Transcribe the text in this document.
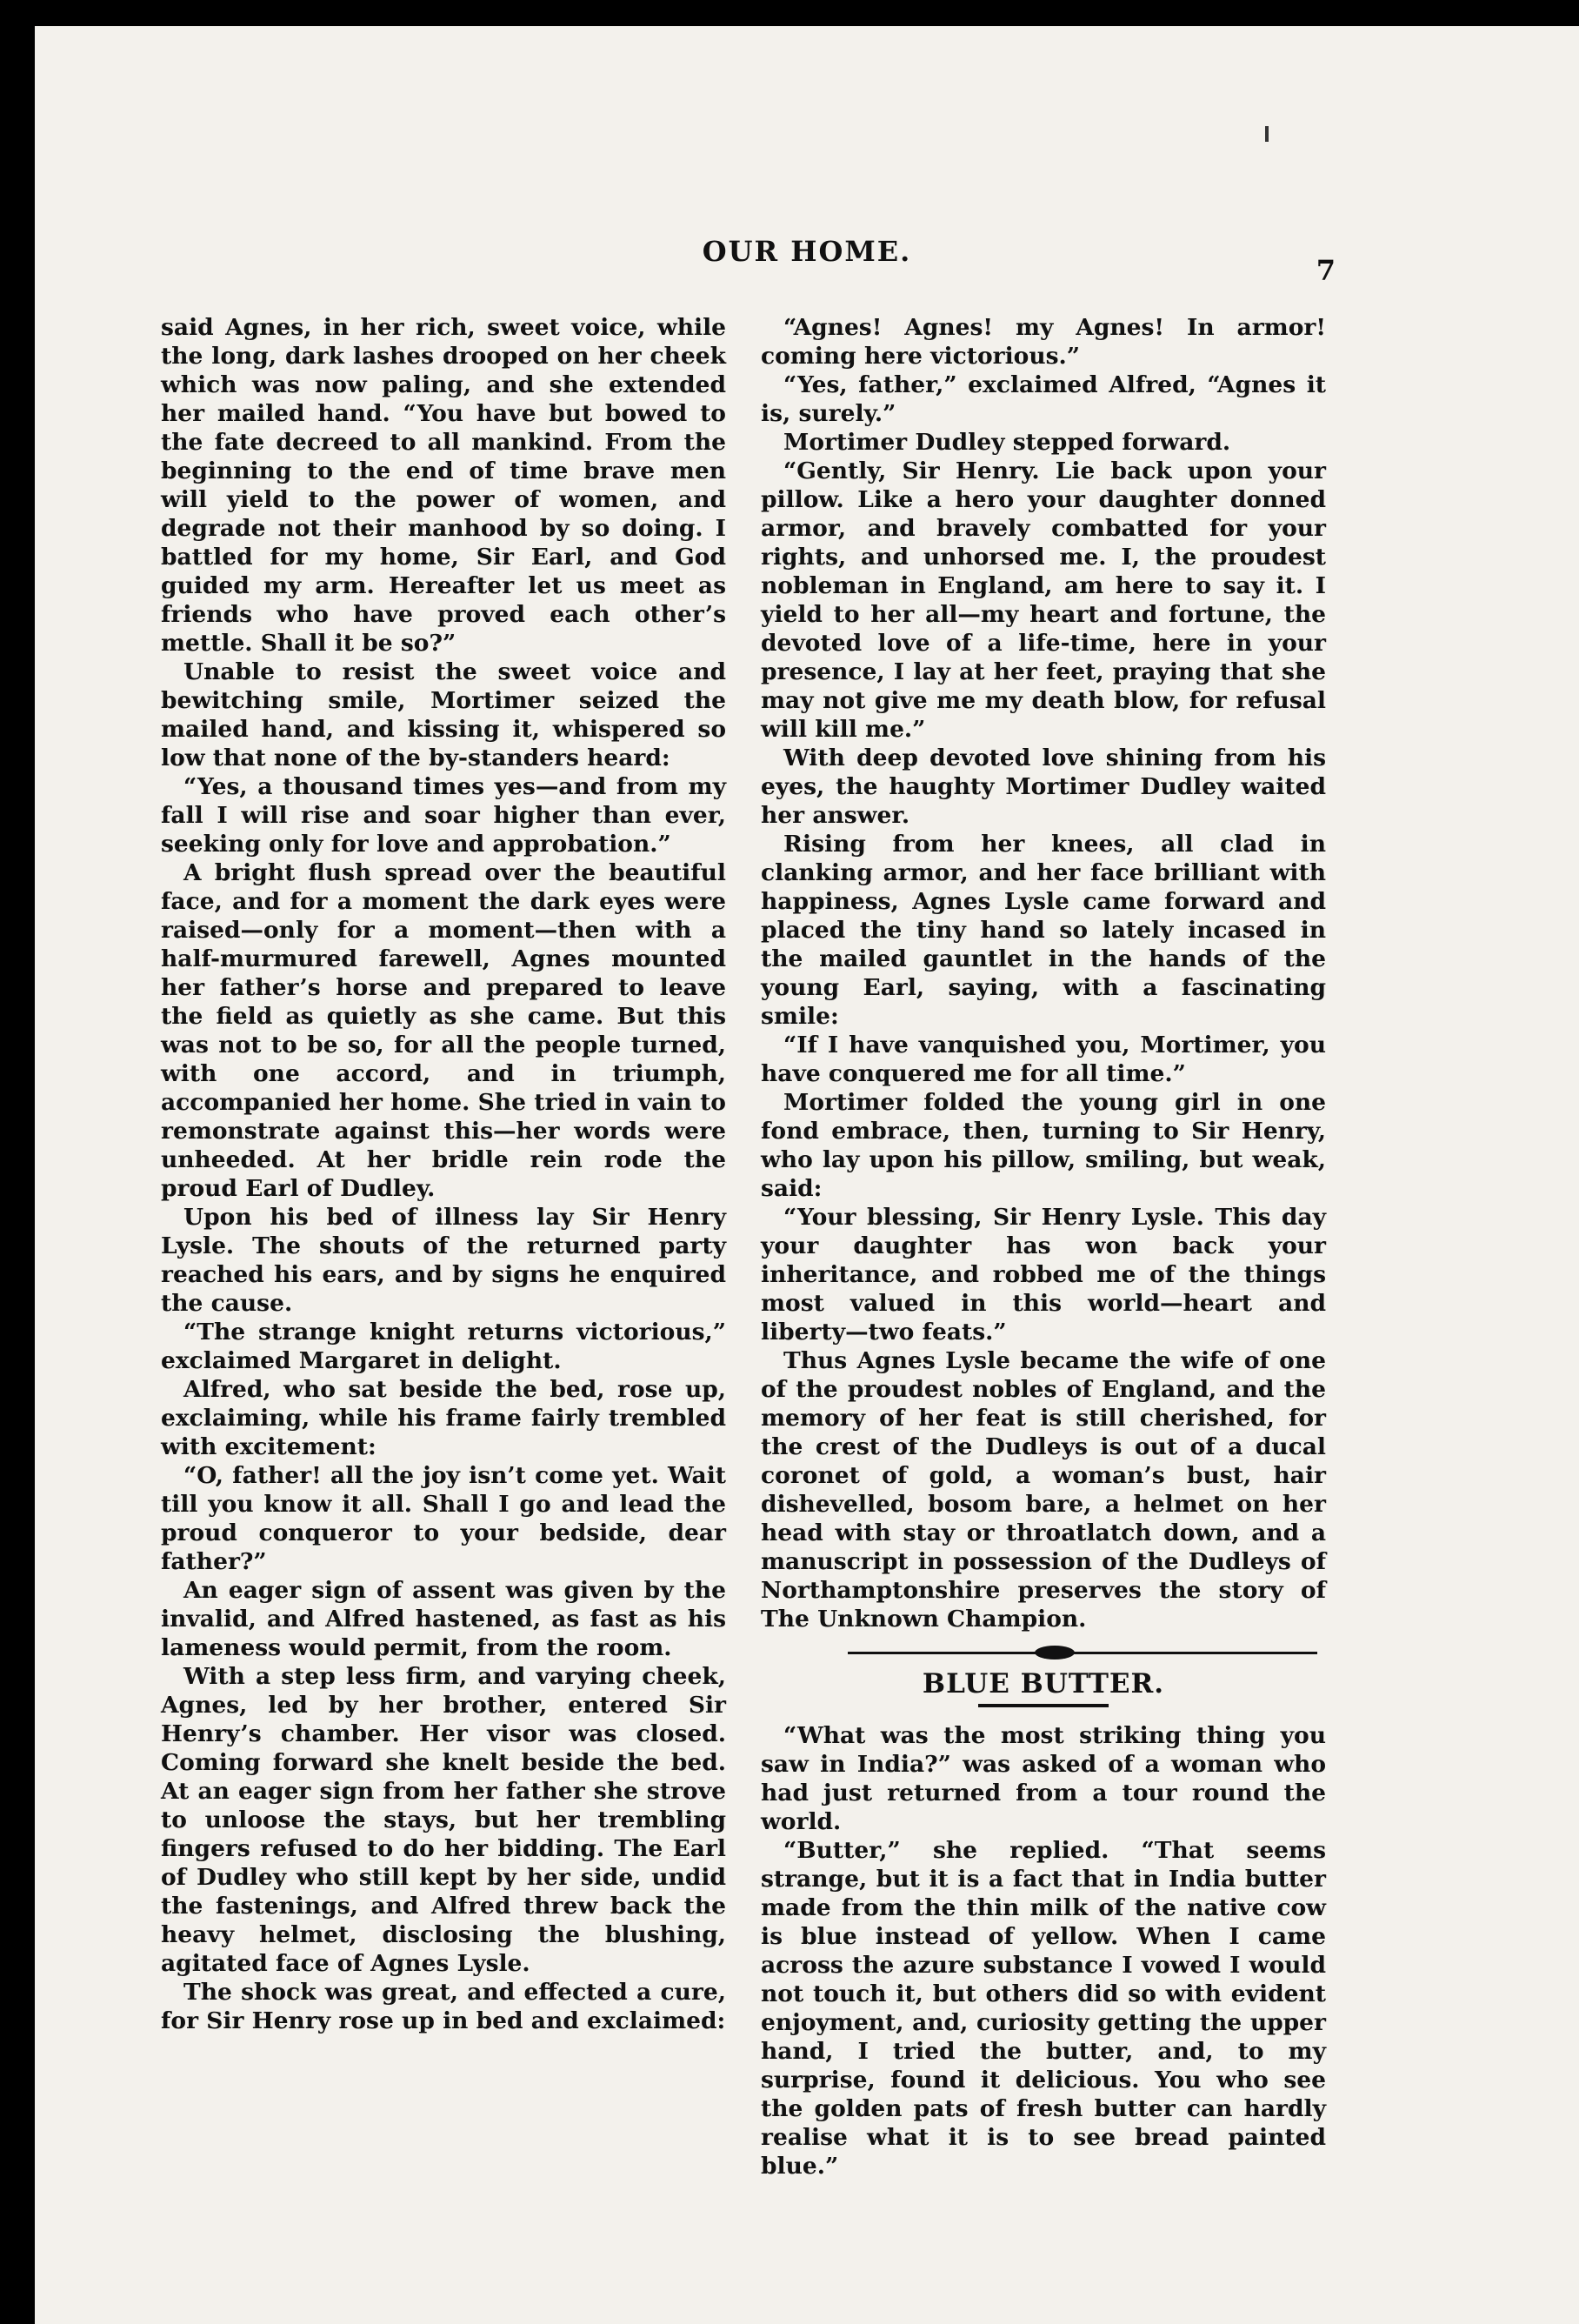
OUR HOME.
7

said Agnes, in her rich, sweet voice, while the long, dark lashes drooped on her cheek which was now paling, and she extended her mailed hand. “You have but bowed to the fate decreed to all mankind. From the beginning to the end of time brave men will yield to the power of women, and degrade not their manhood by so doing. I battled for my home, Sir Earl, and God guided my arm. Hereafter let us meet as friends who have proved each other’s mettle. Shall it be so?”

Unable to resist the sweet voice and bewitching smile, Mortimer seized the mailed hand, and kissing it, whispered so low that none of the by-standers heard:

“Yes, a thousand times yes—and from my fall I will rise and soar higher than ever, seeking only for love and approbation.”

A bright flush spread over the beautiful face, and for a moment the dark eyes were raised—only for a moment—then with a half-murmured farewell, Agnes mounted her father’s horse and prepared to leave the field as quietly as she came. But this was not to be so, for all the people turned, with one accord, and in triumph, accompanied her home. She tried in vain to remonstrate against this—her words were unheeded. At her bridle rein rode the proud Earl of Dudley.

Upon his bed of illness lay Sir Henry Lysle. The shouts of the returned party reached his ears, and by signs he enquired the cause.

“The strange knight returns victorious,” exclaimed Margaret in delight.

Alfred, who sat beside the bed, rose up, exclaiming, while his frame fairly trembled with excitement:

“O, father! all the joy isn’t come yet. Wait till you know it all. Shall I go and lead the proud conqueror to your bedside, dear father?”

An eager sign of assent was given by the invalid, and Alfred hastened, as fast as his lameness would permit, from the room.

With a step less firm, and varying cheek, Agnes, led by her brother, entered Sir Henry’s chamber. Her visor was closed. Coming forward she knelt beside the bed. At an eager sign from her father she strove to unloose the stays, but her trembling fingers refused to do her bidding. The Earl of Dudley who still kept by her side, undid the fastenings, and Alfred threw back the heavy helmet, disclosing the blushing, agitated face of Agnes Lysle.

The shock was great, and effected a cure, for Sir Henry rose up in bed and exclaimed:

“Agnes! Agnes! my Agnes! In armor! coming here victorious.”

“Yes, father,” exclaimed Alfred, “Agnes it is, surely.”

Mortimer Dudley stepped forward.

“Gently, Sir Henry. Lie back upon your pillow. Like a hero your daughter donned armor, and bravely combatted for your rights, and unhorsed me. I, the proudest nobleman in England, am here to say it. I yield to her all—my heart and fortune, the devoted love of a life-time, here in your presence, I lay at her feet, praying that she may not give me my death blow, for refusal will kill me.”

With deep devoted love shining from his eyes, the haughty Mortimer Dudley waited her answer.

Rising from her knees, all clad in clanking armor, and her face brilliant with happiness, Agnes Lysle came forward and placed the tiny hand so lately incased in the mailed gauntlet in the hands of the young Earl, saying, with a fascinating smile:

“If I have vanquished you, Mortimer, you have conquered me for all time.”

Mortimer folded the young girl in one fond embrace, then, turning to Sir Henry, who lay upon his pillow, smiling, but weak, said:

“Your blessing, Sir Henry Lysle. This day your daughter has won back your inheritance, and robbed me of the things most valued in this world—heart and liberty—two feats.”

Thus Agnes Lysle became the wife of one of the proudest nobles of England, and the memory of her feat is still cherished, for the crest of the Dudleys is out of a ducal coronet of gold, a woman’s bust, hair dishevelled, bosom bare, a helmet on her head with stay or throatlatch down, and a manuscript in possession of the Dudleys of Northamptonshire preserves the story of The Unknown Champion.

BLUE BUTTER.

“What was the most striking thing you saw in India?” was asked of a woman who had just returned from a tour round the world.

“Butter,” she replied. “That seems strange, but it is a fact that in India butter made from the thin milk of the native cow is blue instead of yellow. When I came across the azure substance I vowed I would not touch it, but others did so with evident enjoyment, and, curiosity getting the upper hand, I tried the butter, and, to my surprise, found it delicious. You who see the golden pats of fresh butter can hardly realise what it is to see bread painted blue.”
